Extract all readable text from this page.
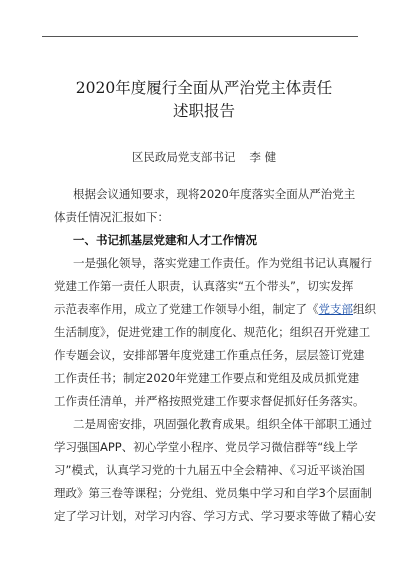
2020年度履行全面从严治党主体责任
述职报告
区民政局党支部书记 李 健
根据会议通知要求，现将2020年度落实全面从严治党主
体责任情况汇报如下：
一、书记抓基层党建和人才工作情况
一是强化领导，落实党建工作责任。作为党组书记认真履行
党建工作第一责任人职责，认真落实“五个带头”，切实发挥
示范表率作用，成立了党建工作领导小组，制定了《党支部组织
生活制度》，促进党建工作的制度化、规范化；组织召开党建工
作专题会议，安排部署年度党建工作重点任务，层层签订党建
工作责任书；制定2020年党建工作要点和党组及成员抓党建
工作责任清单，并严格按照党建工作要求督促抓好任务落实。
二是周密安排，巩固强化教育成果。组织全体干部职工通过
学习强国APP、初心学堂小程序、党员学习微信群等“线上学
习”模式，认真学习党的十九届五中全会精神、《习近平谈治国
理政》第三卷等课程；分党组、党员集中学习和自学3个层面制
定了学习计划，对学习内容、学习方式、学习要求等做了精心安
